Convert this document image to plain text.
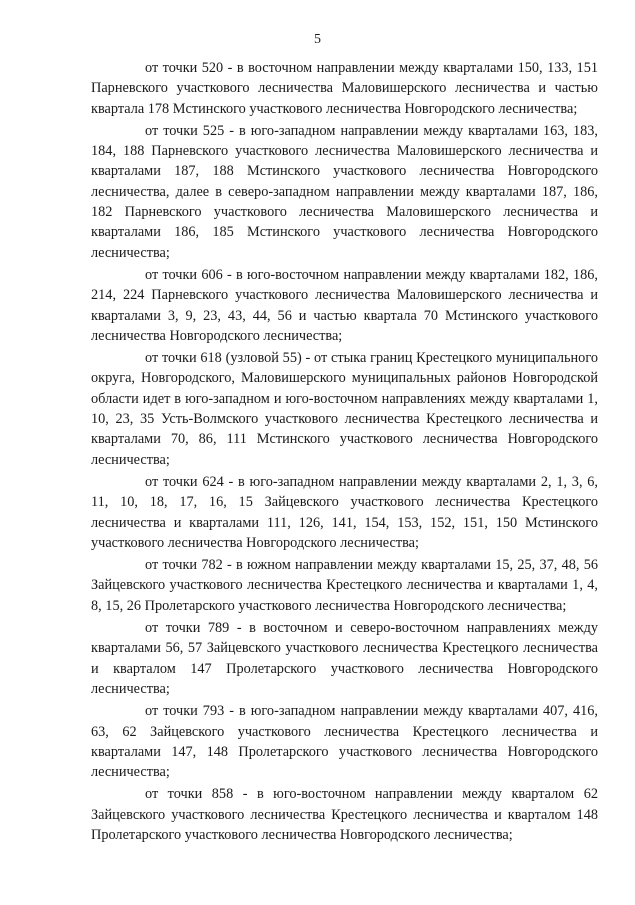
5

от точки 520 - в восточном направлении между кварталами 150, 133, 151 Парневского участкового лесничества Маловишерского лесничества и частью квартала 178 Мстинского участкового лесничества Новгородского лесничества;

от точки 525 - в юго-западном направлении между кварталами 163, 183, 184, 188 Парневского участкового лесничества Маловишерского лесничества и кварталами 187, 188 Мстинского участкового лесничества Новгородского лесничества, далее в северо-западном направлении между кварталами 187, 186, 182 Парневского участкового лесничества Маловишерского лесничества и кварталами 186, 185 Мстинского участкового лесничества Новгородского лесничества;

от точки 606 - в юго-восточном направлении между кварталами 182, 186, 214, 224 Парневского участкового лесничества Маловишерского лесничества и кварталами 3, 9, 23, 43, 44, 56 и частью квартала 70 Мстинского участкового лесничества Новгородского лесничества;

от точки 618 (узловой 55) - от стыка границ Крестецкого муниципального округа, Новгородского, Маловишерского муниципальных районов Новгородской области идет в юго-западном и юго-восточном направлениях между кварталами 1, 10, 23, 35 Усть-Волмского участкового лесничества Крестецкого лесничества и кварталами 70, 86, 111 Мстинского участкового лесничества Новгородского лесничества;

от точки 624 - в юго-западном направлении между кварталами 2, 1, 3, 6, 11, 10, 18, 17, 16, 15 Зайцевского участкового лесничества Крестецкого лесничества и кварталами 111, 126, 141, 154, 153, 152, 151, 150 Мстинского участкового лесничества Новгородского лесничества;

от точки 782 - в южном направлении между кварталами 15, 25, 37, 48, 56 Зайцевского участкового лесничества Крестецкого лесничества и кварталами 1, 4, 8, 15, 26 Пролетарского участкового лесничества Новгородского лесничества;

от точки 789 - в восточном и северо-восточном направлениях между кварталами 56, 57 Зайцевского участкового лесничества Крестецкого лесничества и кварталом 147 Пролетарского участкового лесничества Новгородского лесничества;

от точки 793 - в юго-западном направлении между кварталами 407, 416, 63, 62 Зайцевского участкового лесничества Крестецкого лесничества и кварталами 147, 148 Пролетарского участкового лесничества Новгородского лесничества;

от точки 858 - в юго-восточном направлении между кварталом 62 Зайцевского участкового лесничества Крестецкого лесничества и кварталом 148 Пролетарского участкового лесничества Новгородского лесничества;
